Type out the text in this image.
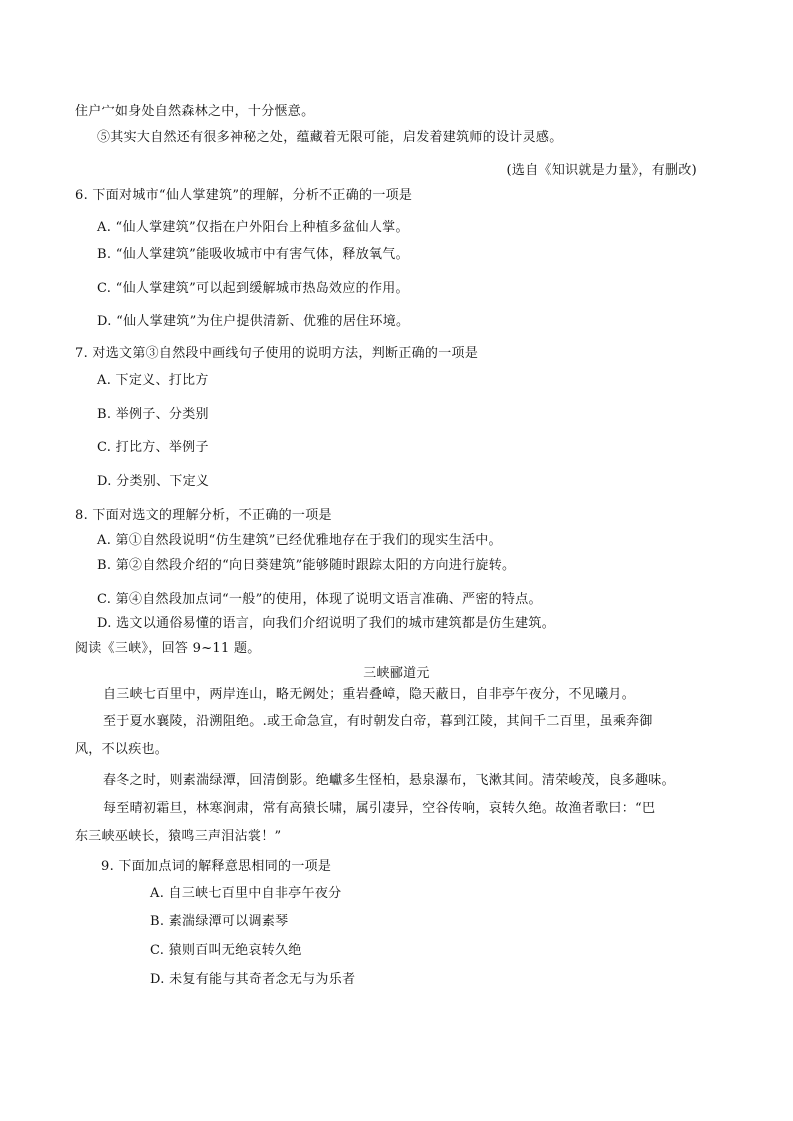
住户宀如身处自然森林之中，十分惬意。
⑤其实大自然还有很多神秘之处，蕴藏着无限可能，启发着建筑师的设计灵感。
(选自《知识就是力量》，有删改)
6. 下面对城市“仙人掌建筑”的理解，分析不正确的一项是
A. “仙人掌建筑”仅指在户外阳台上种植多盆仙人掌。
B. “仙人掌建筑”能吸收城市中有害气体，释放氧气。
C. “仙人掌建筑”可以起到缓解城市热岛效应的作用。
D. “仙人掌建筑”为住户提供清新、优雅的居住环境。
7. 对选文第③自然段中画线句子使用的说明方法，判断正确的一项是
A. 下定义、打比方
B. 举例子、分类别
C. 打比方、举例子
D. 分类别、下定义
8. 下面对选文的理解分析，不正确的一项是
A. 第①自然段说明“仿生建筑”已经优雅地存在于我们的现实生活中。
B. 第②自然段介绍的“向日葵建筑”能够随时跟踪太阳的方向进行旋转。
C. 第④自然段加点词“一般”的使用，体现了说明文语言准确、严密的特点。
D. 选文以通俗易懂的语言，向我们介绍说明了我们的城市建筑都是仿生建筑。
阅读《三峡》，回答 9~11 题。
三峡郦道元
自三峡七百里中，两岸连山，略无阙处；重岩叠嶂，隐天蔽日，自非亭午夜分，不见曦月。
至于夏水襄陵，沿溯阻绝。.或王命急宣，有时朝发白帝，暮到江陵，其间千二百里，虽乘奔御
风，不以疾也。
春冬之时，则素湍绿潭，回清倒影。绝巘多生怪柏，悬泉瀑布，飞漱其间。清荣峻茂，良多趣味。
每至晴初霜旦，林寒涧肃，常有高猿长啸，属引凄异，空谷传响，哀转久绝。故渔者歌曰：“巴
东三峡巫峡长，猿鸣三声泪沾裳！”
9. 下面加点词的解释意思相同的一项是
A. 自三峡七百里中自非亭午夜分
B. 素湍绿潭可以调素琴
C. 猿则百叫无绝哀转久绝
D. 未复有能与其奇者念无与为乐者
